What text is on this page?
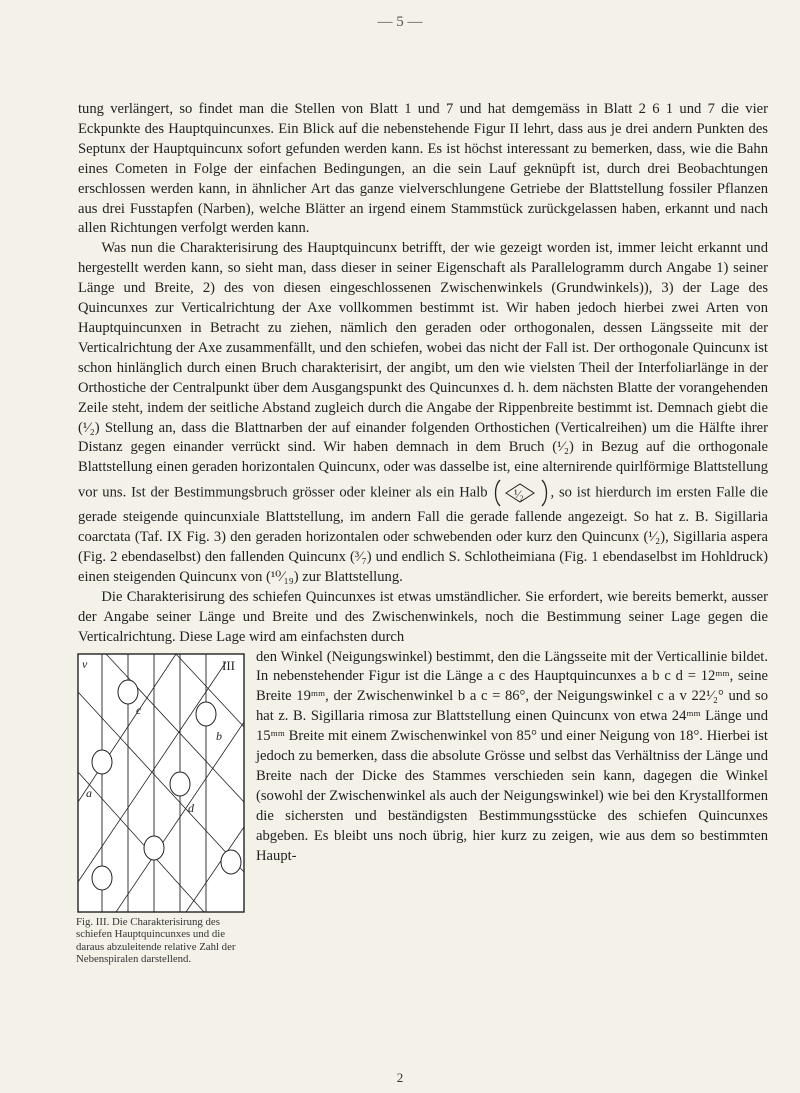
— 5 —

tung verlängert, so findet man die Stellen von Blatt 1 und 7 und hat demgemäss in Blatt 2 6 1 und 7 die vier Eckpunkte des Hauptquincunxes. Ein Blick auf die nebenstehende Figur II lehrt, dass aus je drei andern Punkten des Septunx der Hauptquincunx sofort gefunden werden kann. Es ist höchst interessant zu bemerken, dass, wie die Bahn eines Cometen in Folge der einfachen Bedingungen, an die sein Lauf geknüpft ist, durch drei Beobachtungen erschlossen werden kann, in ähnlicher Art das ganze vielverschlungene Getriebe der Blattstellung fossiler Pflanzen aus drei Fusstapfen (Narben), welche Blätter an irgend einem Stammstück zurückgelassen haben, erkannt und nach allen Richtungen verfolgt werden kann.

Was nun die Charakterisirung des Hauptquincunx betrifft, der wie gezeigt worden ist, immer leicht erkannt und hergestellt werden kann, so sieht man, dass dieser in seiner Eigenschaft als Parallelogramm durch Angabe 1) seiner Länge und Breite, 2) des von diesen eingeschlossenen Zwischenwinkels (Grundwinkels)), 3) der Lage des Quincunxes zur Verticalrichtung der Axe vollkommen bestimmt ist. Wir haben jedoch hierbei zwei Arten von Hauptquincunxen in Betracht zu ziehen, nämlich den geraden oder orthogonalen, dessen Längsseite mit der Verticalrichtung der Axe zusammenfällt, und den schiefen, wobei das nicht der Fall ist. Der orthogonale Quincunx ist schon hinlänglich durch einen Bruch charakterisirt, der angibt, um den wie vielsten Theil der Interfoliarlänge in der Orthostiche der Centralpunkt über dem Ausgangspunkt des Quincunxes d. h. dem nächsten Blatte der vorangehenden Zeile steht, indem der seitliche Abstand zugleich durch die Angabe der Rippenbreite bestimmt ist. Demnach giebt die (¹⁄₂) Stellung an, dass die Blattnarben der auf einander folgenden Orthostichen (Verticalreihen) um die Hälfte ihrer Distanz gegen einander verrückt sind. Wir haben demnach in dem Bruch (¹⁄₂) in Bezug auf die orthogonale Blattstellung einen geraden horizontalen Quincunx, oder was dasselbe ist, eine alternirende quirlförmige Blattstellung vor uns. Ist der Bestimmungsbruch grösser oder kleiner als ein Halb ¹⁄₂ , so ist hierdurch im ersten Falle die gerade steigende quincunxiale Blattstellung, im andern Fall die gerade fallende angezeigt. So hat z. B. Sigillaria coarctata (Taf. IX Fig. 3) den geraden horizontalen oder schwebenden oder kurz den Quincunx (¹⁄₂), Sigillaria aspera (Fig. 2 ebendaselbst) den fallenden Quincunx (³⁄₇) und endlich S. Schlotheimiana (Fig. 1 ebendaselbst im Hohldruck) einen steigenden Quincunx von (¹⁰⁄₁₉) zur Blattstellung.

Die Charakterisirung des schiefen Quincunxes ist etwas umständlicher. Sie erfordert, wie bereits bemerkt, ausser der Angabe seiner Länge und Breite und des Zwischenwinkels, noch die Bestimmung seiner Lage gegen die Verticalrichtung. Diese Lage wird am einfachsten durch

v
a
b
c
d
III
Fig. III. Die Charakterisirung des schiefen Hauptquincunxes und die daraus abzuleitende relative Zahl der Nebenspiralen darstellend.

den Winkel (Neigungswinkel) bestimmt, den die Längsseite mit der Verticallinie bildet. In nebenstehender Figur ist die Länge a c des Hauptquincunxes a b c d = 12ᵐᵐ, seine Breite 19ᵐᵐ, der Zwischenwinkel b a c = 86°, der Neigungswinkel c a v 22¹⁄₂° und so hat z. B. Sigillaria rimosa zur Blattstellung einen Quincunx von etwa 24ᵐᵐ Länge und 15ᵐᵐ Breite mit einem Zwischenwinkel von 85° und einer Neigung von 18°. Hierbei ist jedoch zu bemerken, dass die absolute Grösse und selbst das Verhältniss der Länge und Breite nach der Dicke des Stammes verschieden sein kann, dagegen die Winkel (sowohl der Zwischenwinkel als auch der Neigungswinkel) wie bei den Krystallformen die sichersten und beständigsten Bestimmungsstücke des schiefen Quincunxes abgeben. Es bleibt uns noch übrig, hier kurz zu zeigen, wie aus dem so bestimmten Haupt-

2
